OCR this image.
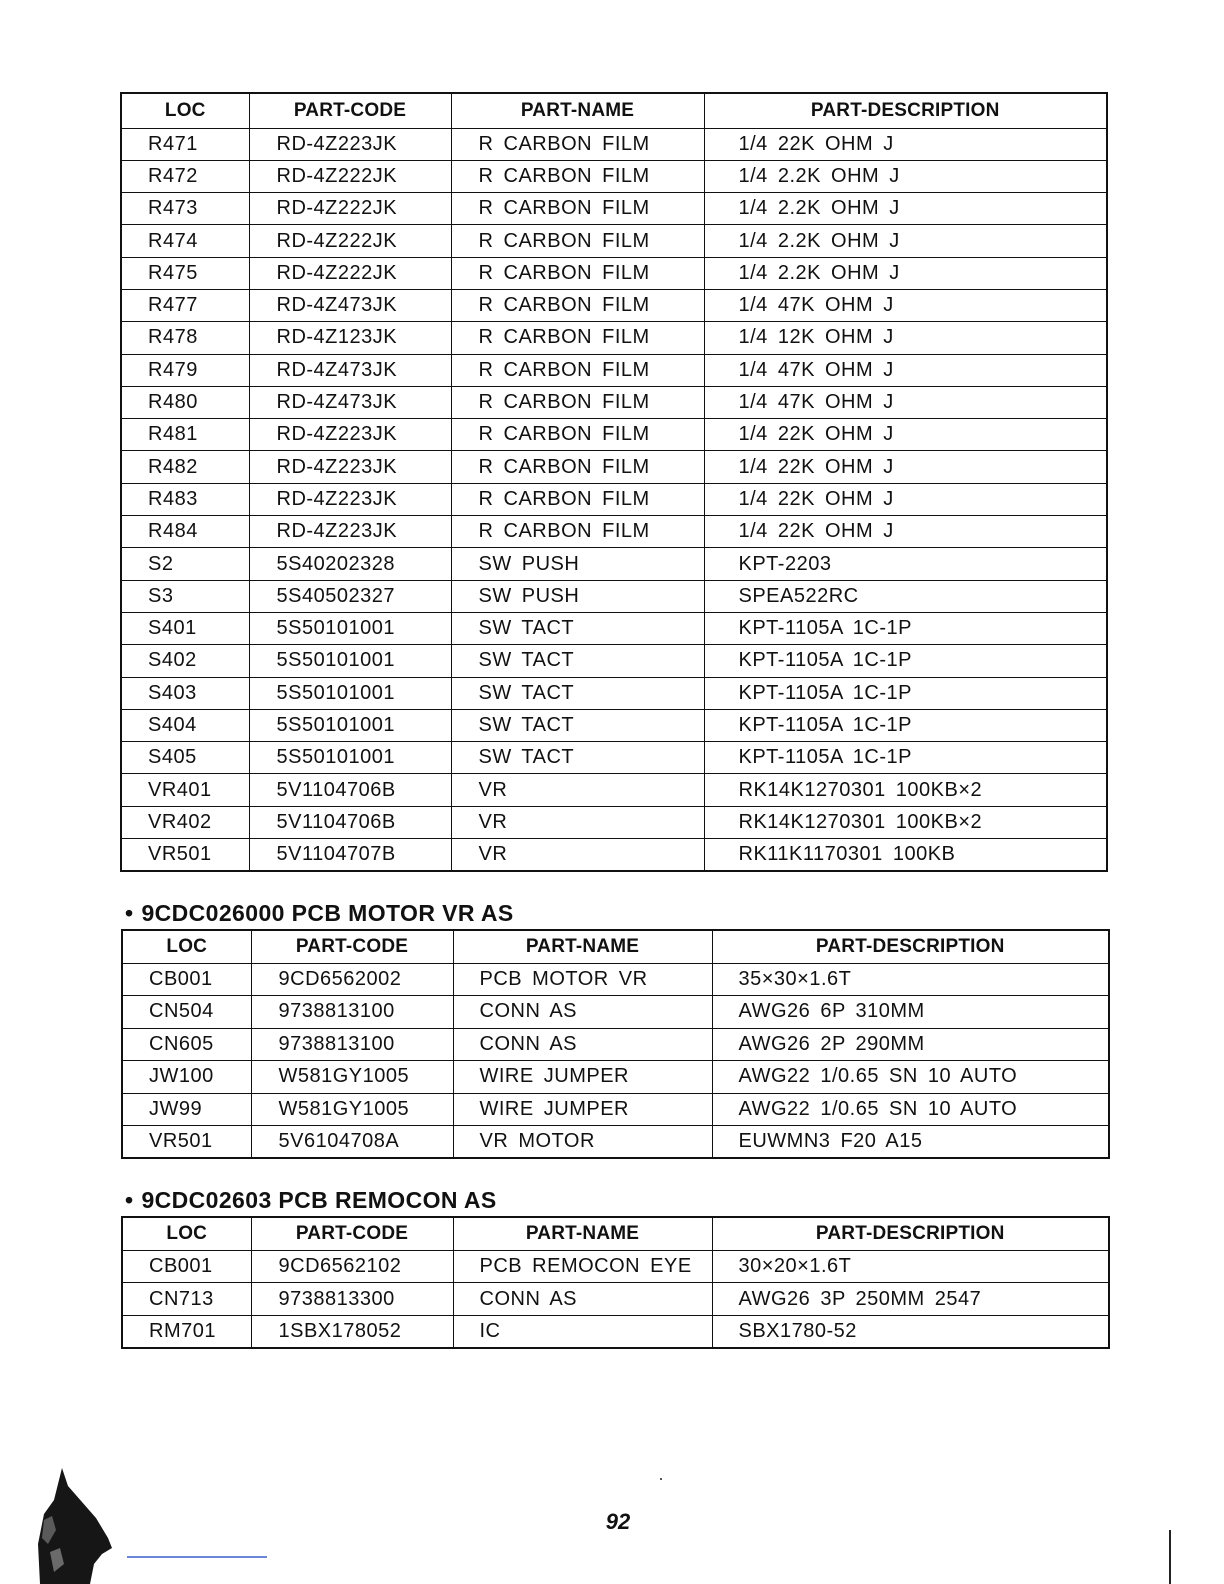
LOC	PART-CODE	PART-NAME	PART-DESCRIPTION
R471	RD-4Z223JK	R CARBON FILM	1/4 22K OHM J
R472	RD-4Z222JK	R CARBON FILM	1/4 2.2K OHM J
R473	RD-4Z222JK	R CARBON FILM	1/4 2.2K OHM J
R474	RD-4Z222JK	R CARBON FILM	1/4 2.2K OHM J
R475	RD-4Z222JK	R CARBON FILM	1/4 2.2K OHM J
R477	RD-4Z473JK	R CARBON FILM	1/4 47K OHM J
R478	RD-4Z123JK	R CARBON FILM	1/4 12K OHM J
R479	RD-4Z473JK	R CARBON FILM	1/4 47K OHM J
R480	RD-4Z473JK	R CARBON FILM	1/4 47K OHM J
R481	RD-4Z223JK	R CARBON FILM	1/4 22K OHM J
R482	RD-4Z223JK	R CARBON FILM	1/4 22K OHM J
R483	RD-4Z223JK	R CARBON FILM	1/4 22K OHM J
R484	RD-4Z223JK	R CARBON FILM	1/4 22K OHM J
S2	5S40202328	SW PUSH	KPT-2203
S3	5S40502327	SW PUSH	SPEA522RC
S401	5S50101001	SW TACT	KPT-1105A 1C-1P
S402	5S50101001	SW TACT	KPT-1105A 1C-1P
S403	5S50101001	SW TACT	KPT-1105A 1C-1P
S404	5S50101001	SW TACT	KPT-1105A 1C-1P
S405	5S50101001	SW TACT	KPT-1105A 1C-1P
VR401	5V1104706B	VR	RK14K1270301 100KB×2
VR402	5V1104706B	VR	RK14K1270301 100KB×2
VR501	5V1104707B	VR	RK11K1170301 100KB
• 9CDC026000 PCB MOTOR VR AS
LOC	PART-CODE	PART-NAME	PART-DESCRIPTION
CB001	9CD6562002	PCB MOTOR VR	35×30×1.6T
CN504	9738813100	CONN AS	AWG26 6P 310MM
CN605	9738813100	CONN AS	AWG26 2P 290MM
JW100	W581GY1005	WIRE JUMPER	AWG22 1/0.65 SN 10 AUTO
JW99	W581GY1005	WIRE JUMPER	AWG22 1/0.65 SN 10 AUTO
VR501	5V6104708A	VR MOTOR	EUWMN3 F20 A15
• 9CDC02603 PCB REMOCON AS
LOC	PART-CODE	PART-NAME	PART-DESCRIPTION
CB001	9CD6562102	PCB REMOCON EYE	30×20×1.6T
CN713	9738813300	CONN AS	AWG26 3P 250MM 2547
RM701	1SBX178052	IC	SBX1780-52
92
